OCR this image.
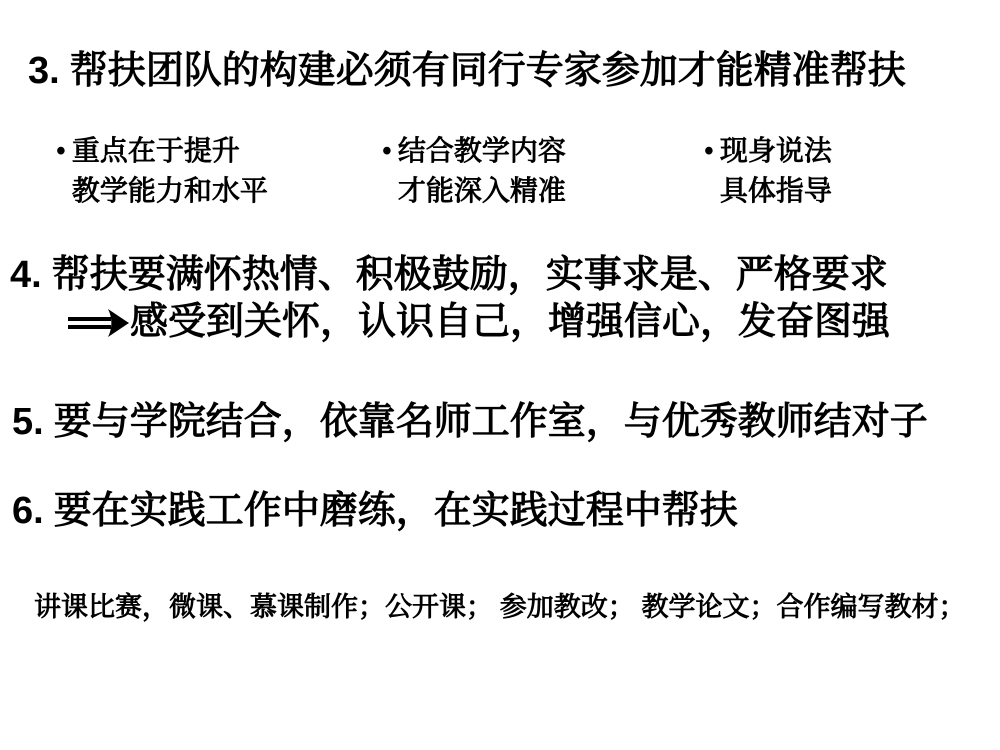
3. 帮扶团队的构建必须有同行专家参加才能精准帮扶
• 重点在于提升
教学能力和水平
• 结合教学内容
才能深入精准
• 现身说法
具体指导
4. 帮扶要满怀热情、积极鼓励，实事求是、严格要求
感受到关怀，认识自己，增强信心，发奋图强
5. 要与学院结合，依靠名师工作室，与优秀教师结对子
6. 要在实践工作中磨练，在实践过程中帮扶
讲课比赛，微课、慕课制作；公开课； 参加教改； 教学论文；合作编写教材；
